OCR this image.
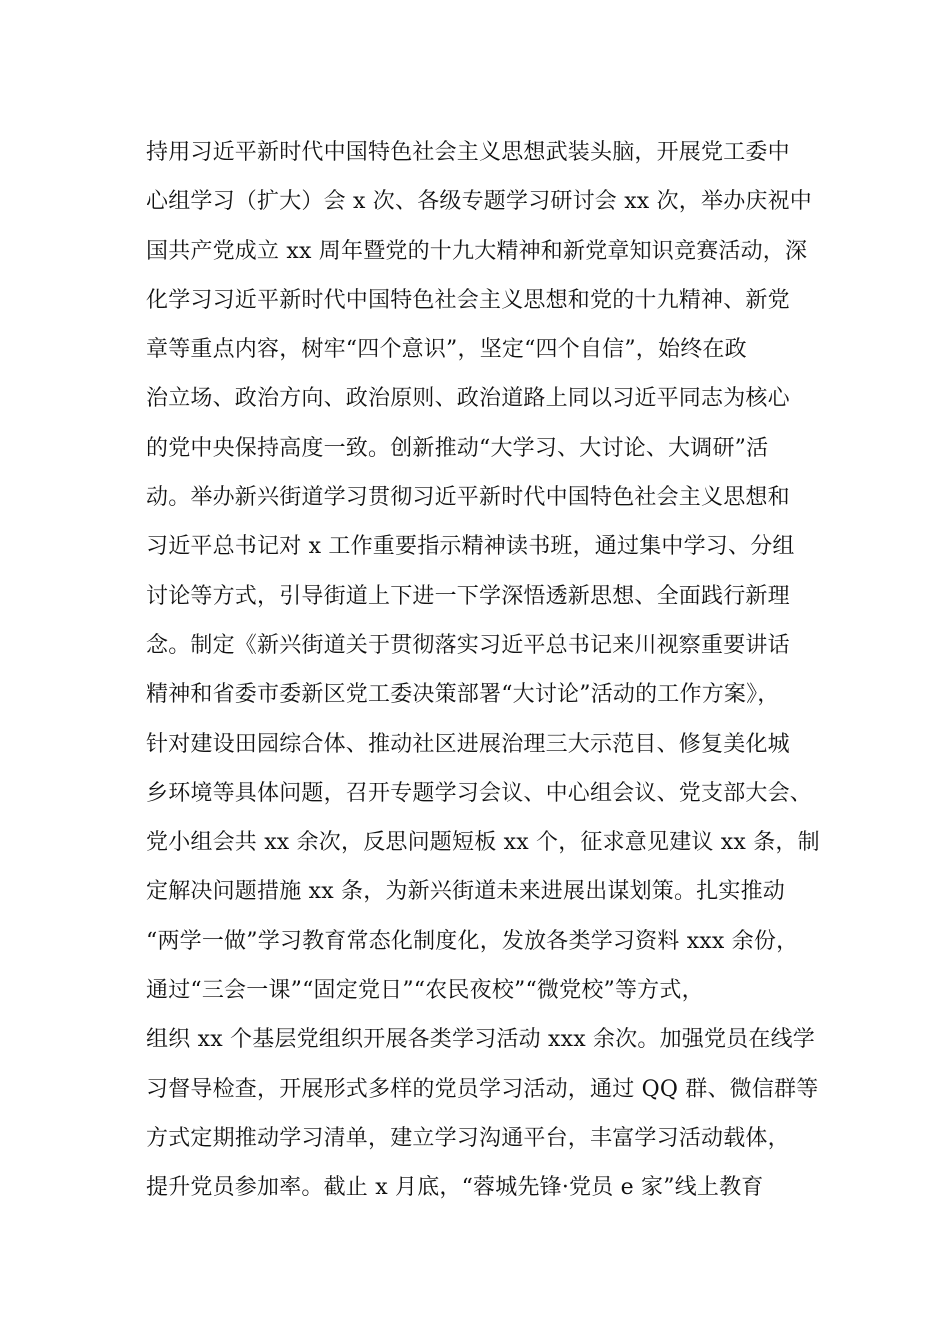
持用习近平新时代中国特色社会主义思想武装头脑，开展党工委中
心组学习（扩大）会 x 次、各级专题学习研讨会 xx 次，举办庆祝中
国共产党成立 xx 周年暨党的十九大精神和新党章知识竞赛活动，深
化学习习近平新时代中国特色社会主义思想和党的十九精神、新党
章等重点内容，树牢“四个意识”，坚定“四个自信”，始终在政
治立场、政治方向、政治原则、政治道路上同以习近平同志为核心
的党中央保持高度一致。创新推动“大学习、大讨论、大调研”活
动。举办新兴街道学习贯彻习近平新时代中国特色社会主义思想和
习近平总书记对 x 工作重要指示精神读书班，通过集中学习、分组
讨论等方式，引导街道上下进一下学深悟透新思想、全面践行新理
念。制定《新兴街道关于贯彻落实习近平总书记来川视察重要讲话
精神和省委市委新区党工委决策部署“大讨论”活动的工作方案》，
针对建设田园综合体、推动社区进展治理三大示范目、修复美化城
乡环境等具体问题，召开专题学习会议、中心组会议、党支部大会、
党小组会共 xx 余次，反思问题短板 xx 个，征求意见建议 xx 条，制
定解决问题措施 xx 条，为新兴街道未来进展出谋划策。扎实推动
“两学一做”学习教育常态化制度化，发放各类学习资料 xxx 余份，
通过“三会一课”“固定党日”“农民夜校”“微党校”等方式，
组织 xx 个基层党组织开展各类学习活动 xxx 余次。加强党员在线学
习督导检查，开展形式多样的党员学习活动，通过 QQ 群、微信群等
方式定期推动学习清单，建立学习沟通平台，丰富学习活动载体，
提升党员参加率。截止 x 月底，“蓉城先锋·党员 e 家”线上教育
